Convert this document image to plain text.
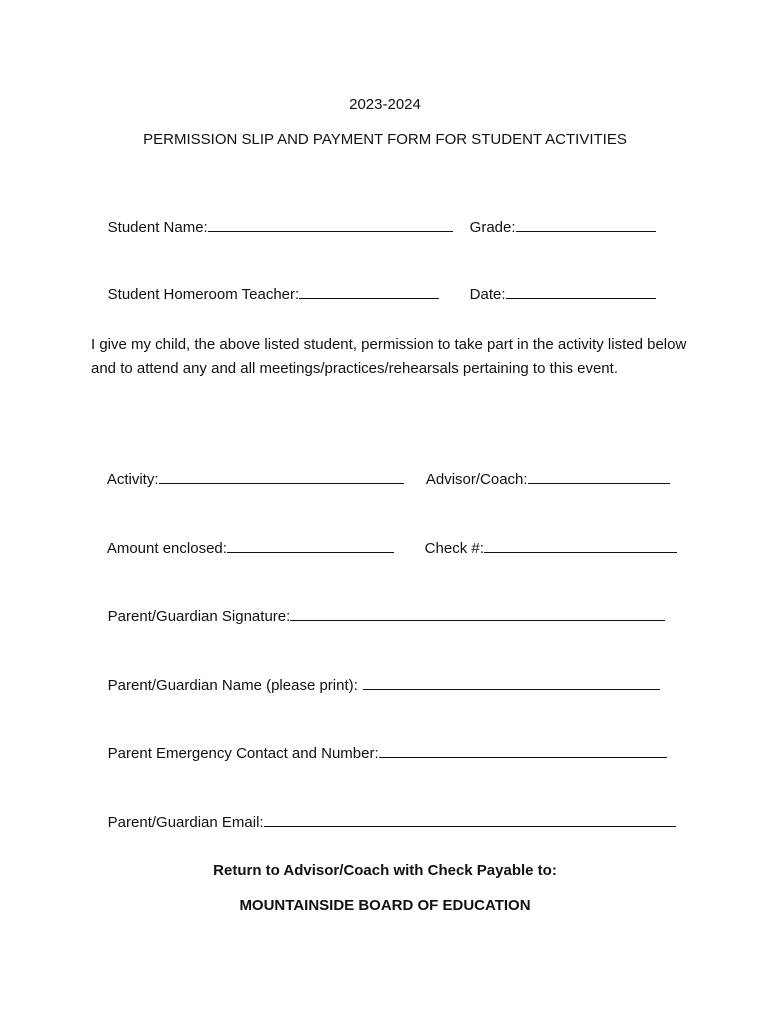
2023-2024
PERMISSION SLIP AND PAYMENT FORM FOR STUDENT ACTIVITIES

Student Name:
	Grade:

Student Homeroom Teacher:
	Date:

I give my child, the above listed student, permission to take part in the activity listed below and to attend any and all meetings/practices/rehearsals pertaining to this event.

Activity:
	Advisor/Coach:

Amount enclosed:
	Check #:

Parent/Guardian Signature:

Parent/Guardian Name (please print):

Parent Emergency Contact and Number:

Parent/Guardian Email:

Return to Advisor/Coach with Check Payable to:
MOUNTAINSIDE BOARD OF EDUCATION
